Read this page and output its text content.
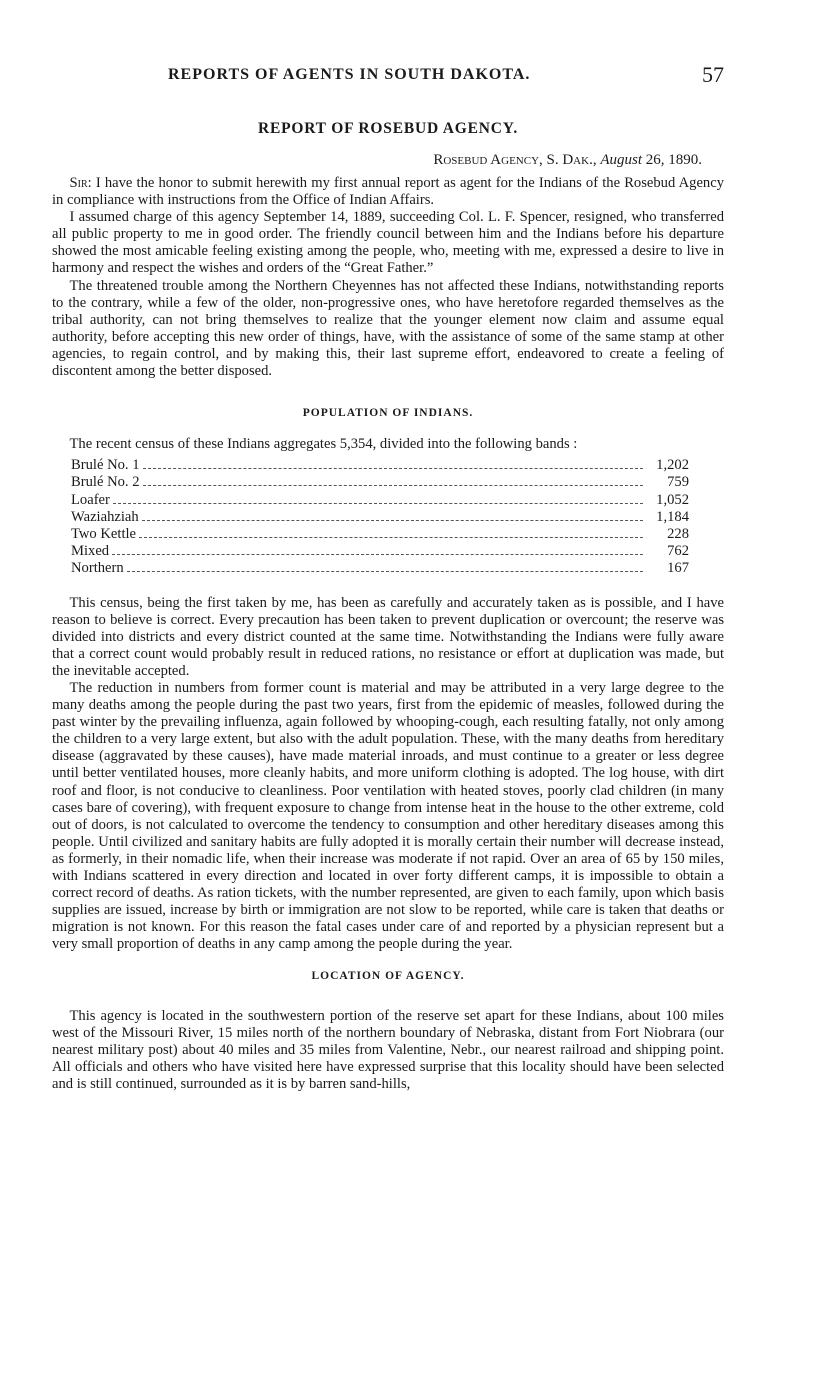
REPORTS OF AGENTS IN SOUTH DAKOTA.	57
REPORT OF ROSEBUD AGENCY.
Rosebud Agency, S. Dak., August 26, 1890.

Sir: I have the honor to submit herewith my first annual report as agent for the Indians of the Rosebud Agency in compliance with instructions from the Office of Indian Affairs.

I assumed charge of this agency September 14, 1889, succeeding Col. L. F. Spencer, resigned, who transferred all public property to me in good order. The friendly council between him and the Indians before his departure showed the most amicable feeling existing among the people, who, meeting with me, expressed a desire to live in harmony and respect the wishes and orders of the “Great Father.”

The threatened trouble among the Northern Cheyennes has not affected these Indians, notwithstanding reports to the contrary, while a few of the older, non-progressive ones, who have heretofore regarded themselves as the tribal authority, can not bring themselves to realize that the younger element now claim and assume equal authority, before accepting this new order of things, have, with the assistance of some of the same stamp at other agencies, to regain control, and by making this, their last supreme effort, endeavored to create a feeling of discontent among the better disposed.

POPULATION OF INDIANS.

The recent census of these Indians aggregates 5,354, divided into the following bands :

Brulé No. 1	1,202
Brulé No. 2	759
Loafer	1,052
Waziahziah	1,184
Two Kettle	228
Mixed	762
Northern	167

This census, being the first taken by me, has been as carefully and accurately taken as is possible, and I have reason to believe is correct. Every precaution has been taken to prevent duplication or overcount; the reserve was divided into districts and every district counted at the same time. Notwithstanding the Indians were fully aware that a correct count would probably result in reduced rations, no resistance or effort at duplication was made, but the inevitable accepted.

The reduction in numbers from former count is material and may be attributed in a very large degree to the many deaths among the people during the past two years, first from the epidemic of measles, followed during the past winter by the prevailing influenza, again followed by whooping-cough, each resulting fatally, not only among the children to a very large extent, but also with the adult population. These, with the many deaths from hereditary disease (aggravated by these causes), have made material inroads, and must continue to a greater or less degree until better ventilated houses, more cleanly habits, and more uniform clothing is adopted. The log house, with dirt roof and floor, is not conducive to cleanliness. Poor ventilation with heated stoves, poorly clad children (in many cases bare of covering), with frequent exposure to change from intense heat in the house to the other extreme, cold out of doors, is not calculated to overcome the tendency to consumption and other hereditary diseases among this people. Until civilized and sanitary habits are fully adopted it is morally certain their number will decrease instead, as formerly, in their nomadic life, when their increase was moderate if not rapid. Over an area of 65 by 150 miles, with Indians scattered in every direction and located in over forty different camps, it is impossible to obtain a correct record of deaths. As ration tickets, with the number represented, are given to each family, upon which basis supplies are issued, increase by birth or immigration are not slow to be reported, while care is taken that deaths or migration is not known. For this reason the fatal cases under care of and reported by a physician represent but a very small proportion of deaths in any camp among the people during the year.

LOCATION OF AGENCY.

This agency is located in the southwestern portion of the reserve set apart for these Indians, about 100 miles west of the Missouri River, 15 miles north of the northern boundary of Nebraska, distant from Fort Niobrara (our nearest military post) about 40 miles and 35 miles from Valentine, Nebr., our nearest railroad and shipping point. All officials and others who have visited here have expressed surprise that this locality should have been selected and is still continued, surrounded as it is by barren sand-hills,
